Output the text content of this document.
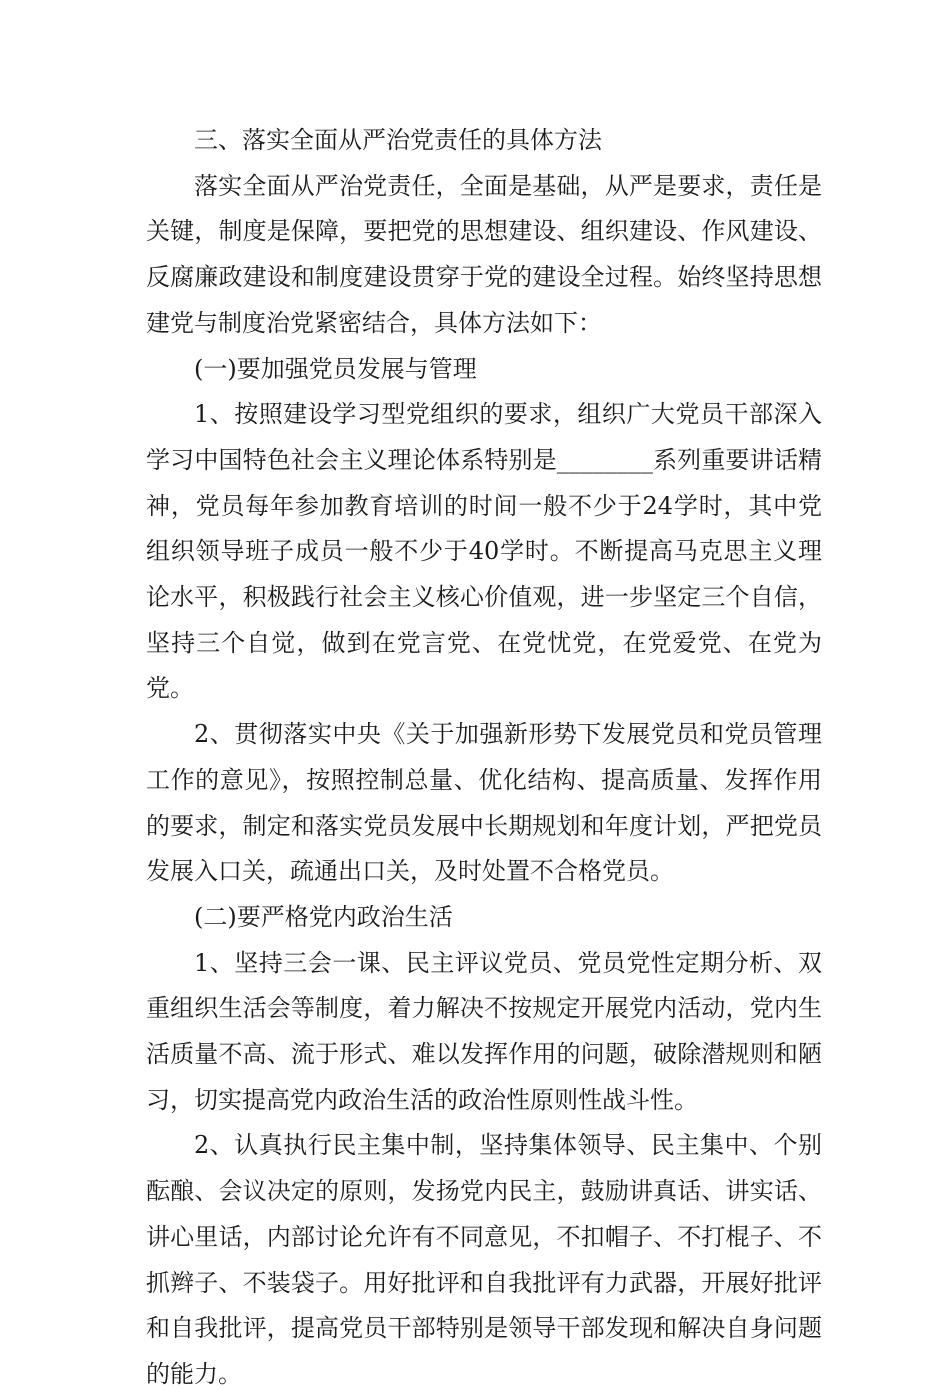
三、落实全面从严治党责任的具体方法

落实全面从严治党责任，全面是基础，从严是要求，责任是关键，制度是保障，要把党的思想建设、组织建设、作风建设、反腐廉政建设和制度建设贯穿于党的建设全过程。始终坚持思想建党与制度治党紧密结合，具体方法如下：

(一)要加强党员发展与管理

1、按照建设学习型党组织的要求，组织广大党员干部深入学习中国特色社会主义理论体系特别是________系列重要讲话精神，党员每年参加教育培训的时间一般不少于24学时，其中党组织领导班子成员一般不少于40学时。不断提高马克思主义理论水平，积极践行社会主义核心价值观，进一步坚定三个自信，坚持三个自觉，做到在党言党、在党忧党，在党爱党、在党为党。

2、贯彻落实中央《关于加强新形势下发展党员和党员管理工作的意见》，按照控制总量、优化结构、提高质量、发挥作用的要求，制定和落实党员发展中长期规划和年度计划，严把党员发展入口关，疏通出口关，及时处置不合格党员。

(二)要严格党内政治生活

1、坚持三会一课、民主评议党员、党员党性定期分析、双重组织生活会等制度，着力解决不按规定开展党内活动，党内生活质量不高、流于形式、难以发挥作用的问题，破除潜规则和陋习，切实提高党内政治生活的政治性原则性战斗性。

2、认真执行民主集中制，坚持集体领导、民主集中、个别酝酿、会议决定的原则，发扬党内民主，鼓励讲真话、讲实话、讲心里话，内部讨论允许有不同意见，不扣帽子、不打棍子、不抓辫子、不装袋子。用好批评和自我批评有力武器，开展好批评和自我批评，提高党员干部特别是领导干部发现和解决自身问题的能力。
